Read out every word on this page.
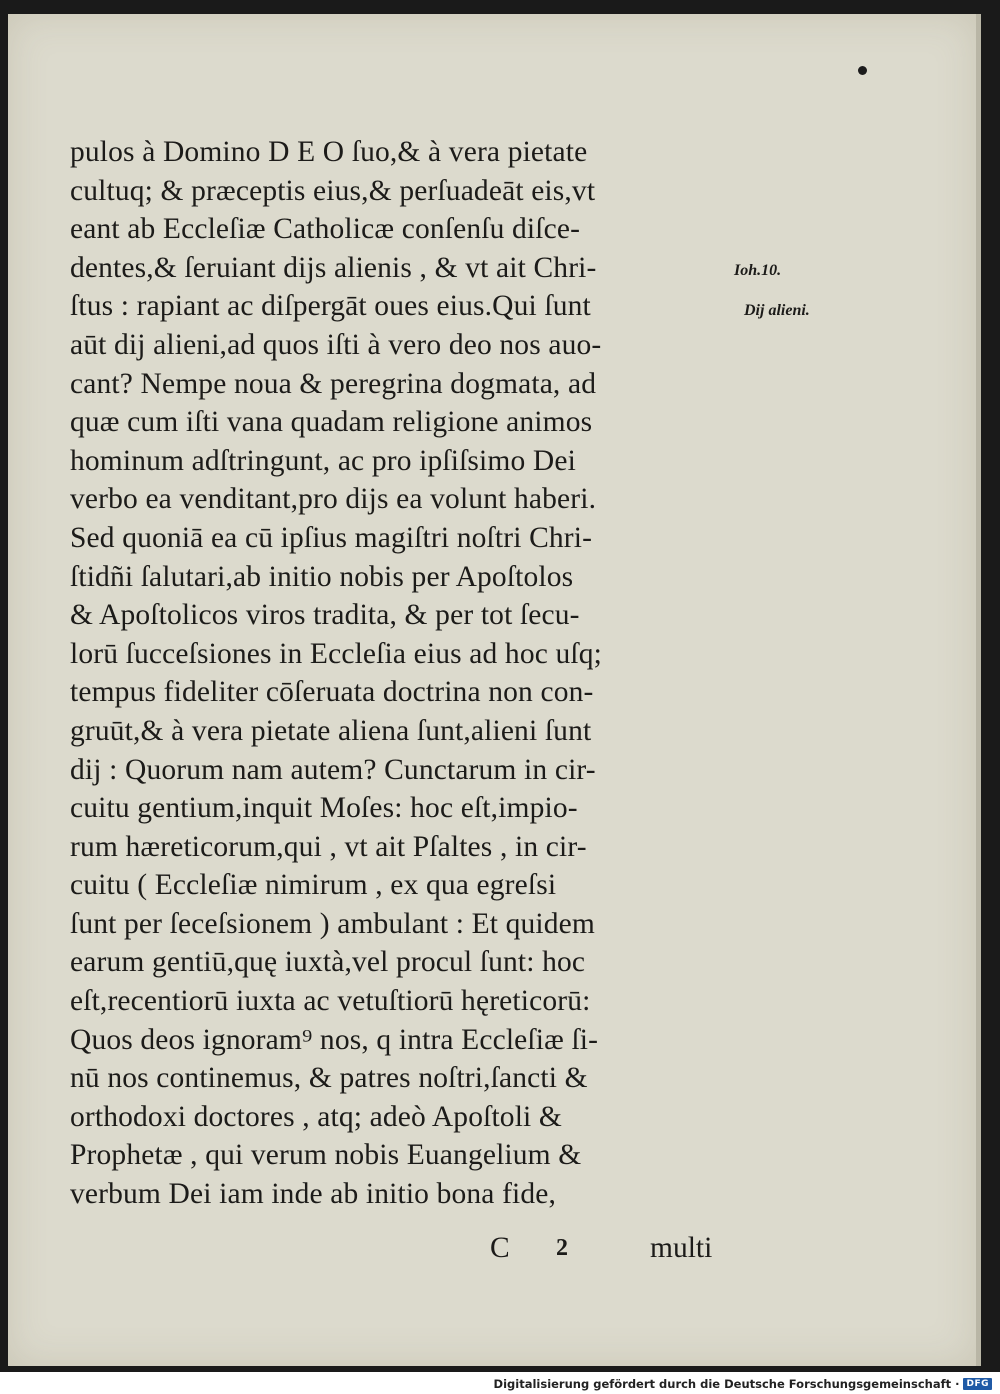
pulos à Domino D E O ſuo,& à vera pietate
cultuq; & præceptis eius,& perſuadeāt eis,vt
eant ab Eccleſiæ Catholicæ conſenſu diſce-
dentes,& ſeruiant dijs alienis , & vt ait Chri-
ſtus : rapiant ac diſpergāt oues eius.Qui ſunt
aūt dij alieni,ad quos iſti à vero deo nos auo-
cant? Nempe noua & peregrina dogmata, ad
quæ cum iſti vana quadam religione animos
hominum adſtringunt, ac pro ipſiſsimo Dei
verbo ea venditant,pro dijs ea volunt haberi.
Sed quoniā ea cū ipſius magiſtri noſtri Chri-
ſtidñi ſalutari,ab initio nobis per Apoſtolos
& Apoſtolicos viros tradita, & per tot ſecu-
lorū ſucceſsiones in Eccleſia eius ad hoc uſq;
tempus fideliter cōſeruata doctrina non con-
gruūt,& à vera pietate aliena ſunt,alieni ſunt
dij : Quorum nam autem? Cunctarum in cir-
cuitu gentium,inquit Moſes: hoc eſt,impio-
rum hæreticorum,qui , vt ait Pſaltes , in cir-
cuitu ( Eccleſiæ nimirum , ex qua egreſsi
ſunt per ſeceſsionem ) ambulant : Et quidem
earum gentiū,quę iuxtà,vel procul ſunt: hoc
eſt,recentiorū iuxta ac vetuſtiorū hęreticorū:
Quos deos ignoram⁹ nos, q intra Eccleſiæ ſi-
nū nos continemus, & patres noſtri,ſancti &
orthodoxi doctores , atq; adeò Apoſtoli &
Prophetæ , qui verum nobis Euangelium &
verbum Dei iam inde ab initio bona fide,
Ioh.10.
Dij alieni.
C 2	multi
Digitalisierung gefördert durch die Deutsche Forschungsgemeinschaft · DFG
